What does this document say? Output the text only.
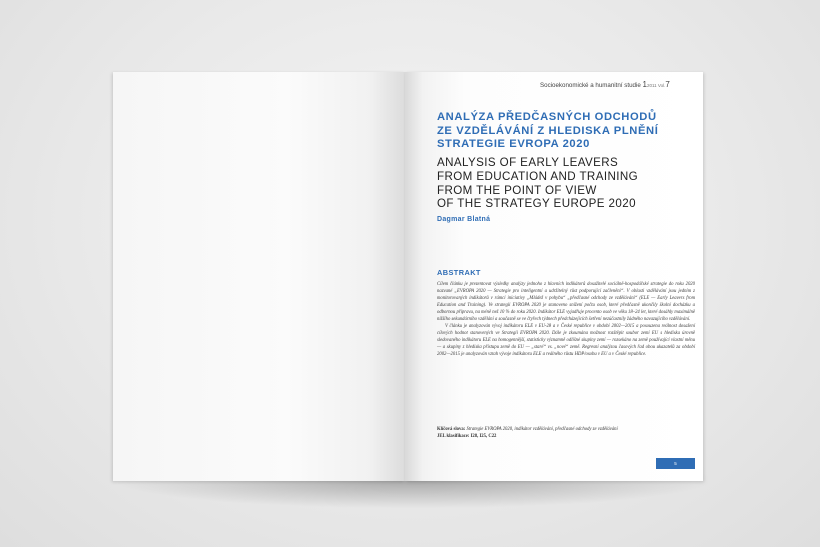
Socioekonomické a humanitní studie 12011 Vol.7
ANALÝZA PŘEDČASNÝCH ODCHODŮ
ZE VZDĚLÁVÁNÍ Z HLEDISKA PLNĚNÍ
STRATEGIE EVROPA 2020
ANALYSIS OF EARLY LEAVERS
FROM EDUCATION AND TRAINING
FROM THE POINT OF VIEW
OF THE STRATEGY EUROPE 2020
Dagmar Blatná
ABSTRAKT

Cílem článku je prezentovat výsledky analýzy jednoho z hlavních indikátorů dosažitelé sociálně-hospodářské strategie do roku 2020 nazvané „EVROPA 2020 — Strategie pro inteligentní a udržitelný růst podporující začlenění“. V oblasti vzdělávání jsou jedním z monitorovaných indikátorů v rámci iniciativy „Mládež v pohybu“ „předčasné odchody ze vzdělávání“ (ELE — Early Leavers from Education and Training). Ve strategii EVROPA 2020 je stanoveno snížení počtu osob, které předčasně ukončily školní docházku a odbornou přípravu, na méně než 10 % do roku 2020. Indikátor ELE vyjadřuje procento osob ve věku 18–24 let, které dosáhly maximálně nižšího sekundárního vzdělání a současně se ve čtyřech týdnech předcházejících šetření nezúčastnily žádného navazujícího vzdělávání.

V článku je analyzován vývoj indikátoru ELE v EU-28 a v České republice v období 2002—2015 a posouzena reálnost dosažení cílových hodnot stanovených ve Strategii EVROPA 2020. Dále je zkoumána možnost rozštěpit soubor zemí EU s hlediska úrovně sledovaného indikátoru ELE na homogennější, statisticky významně odlišné skupiny zemí — rozsekáno na země používající vlastní měnu — a skupiny z hlediska přístupu země do EU — „staré“ vs. „nové“ země. Regresní analýzou časových řad obou ukazatelů za období 2002—2015 je analyzován vztah vývoje indikátoru ELE a reálného růstu HDP/osobu v EU a v České republice.

Klíčová slova: Strategie EVROPA 2020, indikátor vzdělávání, předčasné odchody ze vzdělávání
JEL klasifikace: I28, I25, C22
5
